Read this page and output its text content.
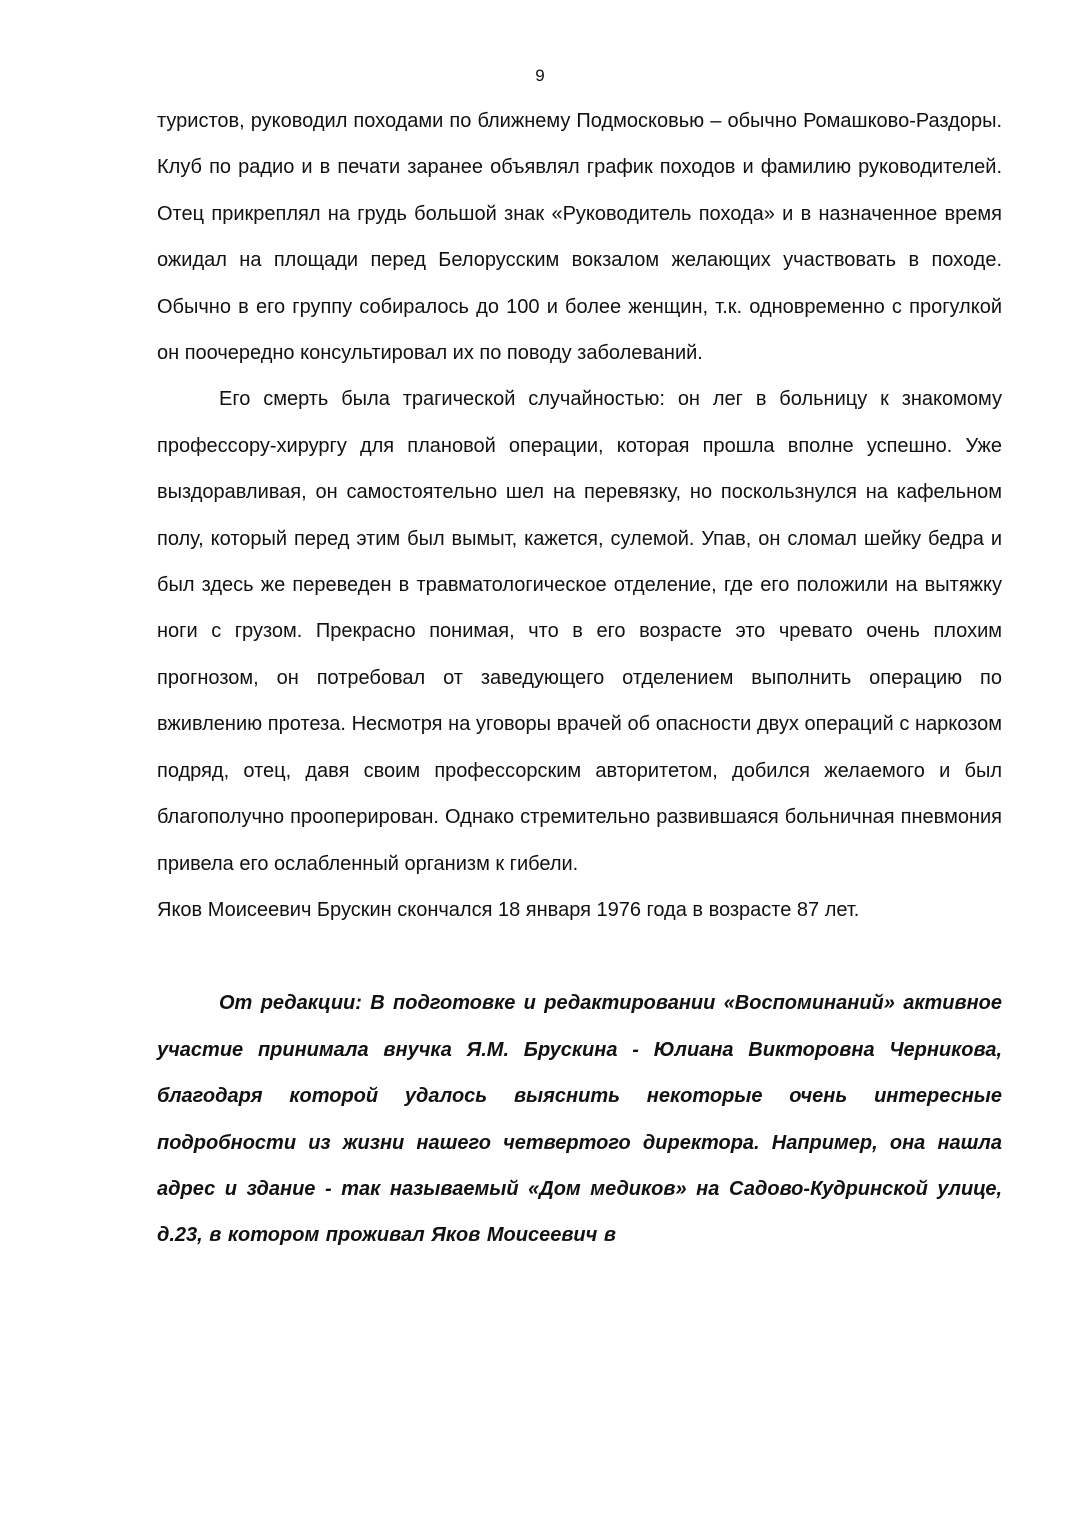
9

туристов, руководил походами по ближнему Подмосковью – обычно Ромашково-Раздоры. Клуб по радио и в печати заранее объявлял график походов и фамилию руководителей. Отец прикреплял на грудь большой знак «Руководитель похода» и в назначенное время ожидал на площади перед Белорусским вокзалом желающих участвовать в походе. Обычно в его группу собиралось до 100 и более женщин, т.к. одновременно с прогулкой он поочередно консультировал их по поводу заболеваний.

Его смерть была трагической случайностью: он лег в больницу к знакомому профессору-хирургу для плановой операции, которая прошла вполне успешно. Уже выздоравливая, он самостоятельно шел на перевязку, но поскользнулся на кафельном полу, который перед этим был вымыт, кажется, сулемой. Упав, он сломал шейку бедра и был здесь же переведен в травматологическое отделение, где его положили на вытяжку ноги с грузом. Прекрасно понимая, что в его возрасте это чревато очень плохим прогнозом, он потребовал от заведующего отделением выполнить операцию по вживлению протеза. Несмотря на уговоры врачей об опасности двух операций с наркозом подряд, отец, давя своим профессорским авторитетом, добился желаемого и был благополучно прооперирован. Однако стремительно развившаяся больничная пневмония привела его ослабленный организм к гибели.

Яков Моисеевич Брускин скончался 18 января 1976 года в возрасте 87 лет.

От редакции: В подготовке и редактировании «Воспоминаний» активное участие принимала внучка Я.М. Брускина - Юлиана Викторовна Черникова, благодаря которой удалось выяснить некоторые очень интересные подробности из жизни нашего четвертого директора. Например, она нашла адрес и здание - так называемый «Дом медиков» на Садово-Кудринской улице, д.23, в котором проживал Яков Моисеевич в
